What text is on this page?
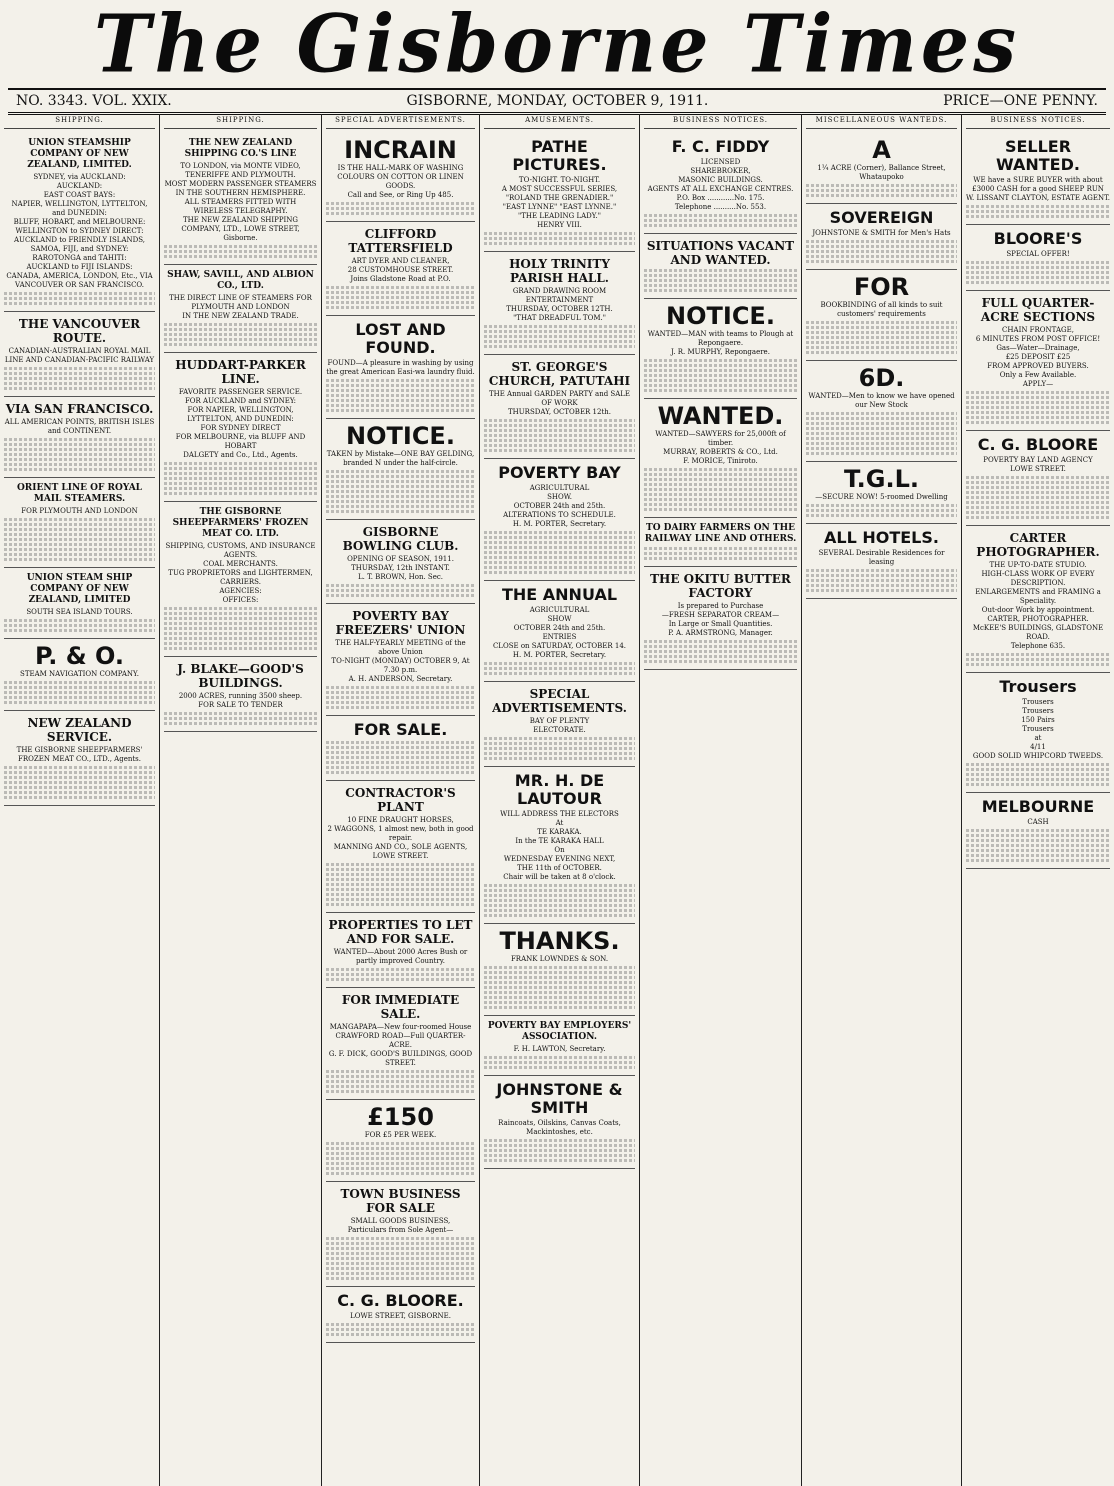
The Gisborne Times
NO. 3343. VOL. XXIX.	GISBORNE, MONDAY, OCTOBER 9, 1911.	PRICE—ONE PENNY.
SHIPPING.
UNION STEAMSHIP COMPANY OF NEW ZEALAND, LIMITED.
SYDNEY, via AUCKLAND:
AUCKLAND:
EAST COAST BAYS:
NAPIER, WELLINGTON, LYTTELTON, and DUNEDIN:
BLUFF, HOBART, and MELBOURNE:
WELLINGTON to SYDNEY DIRECT:
AUCKLAND to FRIENDLY ISLANDS, SAMOA, FIJI, and SYDNEY:
RAROTONGA and TAHITI:
AUCKLAND to FIJI ISLANDS:
CANADA, AMERICA, LONDON, Etc., VIA VANCOUVER OR SAN FRANCISCO.
THE VANCOUVER ROUTE.
CANADIAN-AUSTRALIAN ROYAL MAIL LINE AND CANADIAN-PACIFIC RAILWAY
VIA SAN FRANCISCO.
ALL AMERICAN POINTS, BRITISH ISLES and CONTINENT.
ORIENT LINE OF ROYAL MAIL STEAMERS.
FOR PLYMOUTH AND LONDON
UNION STEAM SHIP COMPANY OF NEW ZEALAND, LIMITED
SOUTH SEA ISLAND TOURS.
P. & O.
STEAM NAVIGATION COMPANY.
NEW ZEALAND SERVICE.
THE GISBORNE SHEEPFARMERS' FROZEN MEAT CO., LTD., Agents.
SHIPPING.
THE NEW ZEALAND SHIPPING CO.'S LINE
TO LONDON, via MONTE VIDEO, TENERIFFE AND PLYMOUTH.
MOST MODERN PASSENGER STEAMERS IN THE SOUTHERN HEMISPHERE.
ALL STEAMERS FITTED WITH WIRELESS TELEGRAPHY.
THE NEW ZEALAND SHIPPING COMPANY, LTD., LOWE STREET, Gisborne.
SHAW, SAVILL, AND ALBION CO., LTD.
THE DIRECT LINE OF STEAMERS FOR PLYMOUTH AND LONDON
IN THE NEW ZEALAND TRADE.
HUDDART-PARKER LINE.
FAVORITE PASSENGER SERVICE.
FOR AUCKLAND and SYDNEY:
FOR NAPIER, WELLINGTON, LYTTELTON, AND DUNEDIN:
FOR SYDNEY DIRECT
FOR MELBOURNE, via BLUFF AND HOBART
DALGETY and Co., Ltd., Agents.
THE GISBORNE SHEEPFARMERS' FROZEN MEAT CO. LTD.
SHIPPING, CUSTOMS, AND INSURANCE AGENTS.
COAL MERCHANTS.
TUG PROPRIETORS and LIGHTERMEN,
CARRIERS.
AGENCIES:
OFFICES:
J. BLAKE—GOOD'S BUILDINGS.
2000 ACRES, running 3500 sheep.
FOR SALE TO TENDER
SPECIAL ADVERTISEMENTS.
INCRAIN
IS THE HALL-MARK OF WASHING COLOURS ON COTTON OR LINEN GOODS.
Call and See, or Ring Up 485.
CLIFFORD TATTERSFIELD
ART DYER AND CLEANER,
28 CUSTOMHOUSE STREET.
Joins Gladstone Road at P.O.
LOST AND FOUND.
FOUND—A pleasure in washing by using the great American Easi-wa laundry fluid.
NOTICE.
TAKEN by Mistake—ONE BAY GELDING, branded N under the half-circle.
GISBORNE BOWLING CLUB.
OPENING OF SEASON, 1911.
THURSDAY, 12th INSTANT.
L. T. BROWN, Hon. Sec.
POVERTY BAY FREEZERS' UNION
THE HALF-YEARLY MEETING of the above Union
TO-NIGHT (MONDAY) OCTOBER 9, At 7.30 p.m.
A. H. ANDERSON, Secretary.
FOR SALE.
CONTRACTOR'S PLANT
10 FINE DRAUGHT HORSES,
2 WAGGONS, 1 almost new, both in good repair.
MANNING AND CO., SOLE AGENTS, LOWE STREET.
PROPERTIES TO LET AND FOR SALE.
WANTED—About 2000 Acres Bush or partly improved Country.
FOR IMMEDIATE SALE.
MANGAPAPA—New four-roomed House
CRAWFORD ROAD—Full QUARTER-ACRE.
G. F. DICK, GOOD'S BUILDINGS, GOOD STREET.
£150
FOR £5 PER WEEK.
TOWN BUSINESS FOR SALE
SMALL GOODS BUSINESS,
Particulars from Sole Agent—
C. G. BLOORE.
LOWE STREET, GISBORNE.
AMUSEMENTS.
PATHE PICTURES.
TO-NIGHT. TO-NIGHT.
A MOST SUCCESSFUL SERIES,
"ROLAND THE GRENADIER."
"EAST LYNNE" "EAST LYNNE."
"THE LEADING LADY."
HENRY VIII.
HOLY TRINITY PARISH HALL.
GRAND DRAWING ROOM
ENTERTAINMENT
THURSDAY, OCTOBER 12TH.
"THAT DREADFUL TOM."
ST. GEORGE'S CHURCH, PATUTAHI
THE Annual GARDEN PARTY and SALE OF WORK
THURSDAY, OCTOBER 12th.
POVERTY BAY
AGRICULTURAL
SHOW.
OCTOBER 24th and 25th.
ALTERATIONS TO SCHEDULE.
H. M. PORTER, Secretary.
THE ANNUAL
AGRICULTURAL
SHOW
OCTOBER 24th and 25th.
ENTRIES
CLOSE on SATURDAY, OCTOBER 14.
H. M. PORTER, Secretary.
SPECIAL ADVERTISEMENTS.
BAY OF PLENTY
ELECTORATE.
MR. H. DE LAUTOUR
WILL ADDRESS THE ELECTORS
At
TE KARAKA.
In the TE KARAKA HALL
On
WEDNESDAY EVENING NEXT,
THE 11th of OCTOBER.
Chair will be taken at 8 o'clock.
THANKS.
FRANK LOWNDES & SON.
POVERTY BAY EMPLOYERS' ASSOCIATION.
F. H. LAWTON, Secretary.
JOHNSTONE & SMITH
Raincoats, Oilskins, Canvas Coats, Mackintoshes, etc.
BUSINESS NOTICES.
F. C. FIDDY
LICENSED
SHAREBROKER,
MASONIC BUILDINGS.
AGENTS AT ALL EXCHANGE CENTRES.
P.O. Box ............No. 175.
Telephone ..........No. 553.
SITUATIONS VACANT AND WANTED.
NOTICE.
WANTED—MAN with teams to Plough at Repongaere.
J. R. MURPHY, Repongaere.
WANTED.
WANTED—SAWYERS for 25,000ft of timber.
MURRAY, ROBERTS & CO., Ltd.
F. MORICE, Tiniroto.
TO DAIRY FARMERS ON THE RAILWAY LINE AND OTHERS.
THE OKITU BUTTER FACTORY
Is prepared to Purchase
—FRESH SEPARATOR CREAM—
In Large or Small Quantities.
P. A. ARMSTRONG, Manager.
MISCELLANEOUS WANTEDS.
A
1¼ ACRE (Corner), Ballance Street, Whataupoko
SOVEREIGN
JOHNSTONE & SMITH for Men's Hats
FOR
BOOKBINDING of all kinds to suit customers' requirements
6D.
WANTED—Men to know we have opened our New Stock
T.G.L.
—SECURE NOW! 5-roomed Dwelling
ALL HOTELS.
SEVERAL Desirable Residences for leasing
BUSINESS NOTICES.
SELLER WANTED.
WE have a SURE BUYER with about £3000 CASH for a good SHEEP RUN
W. LISSANT CLAYTON, ESTATE AGENT.
BLOORE'S
SPECIAL OFFER!
FULL QUARTER-ACRE SECTIONS
CHAIN FRONTAGE,
6 MINUTES FROM POST OFFICE!
Gas—Water—Drainage,
£25 DEPOSIT £25
FROM APPROVED BUYERS.
Only a Few Available.
APPLY—
C. G. BLOORE
POVERTY BAY LAND AGENCY
LOWE STREET.
CARTER PHOTOGRAPHER.
THE UP-TO-DATE STUDIO.
HIGH-CLASS WORK OF EVERY DESCRIPTION.
ENLARGEMENTS and FRAMING a Speciality.
Out-door Work by appointment.
CARTER, PHOTOGRAPHER.
McKEE'S BUILDINGS, GLADSTONE ROAD.
Telephone 635.
Trousers
Trousers
Trousers
150 Pairs
Trousers
at
4/11
GOOD SOLID WHIPCORD TWEEDS.
MELBOURNE
CASH
